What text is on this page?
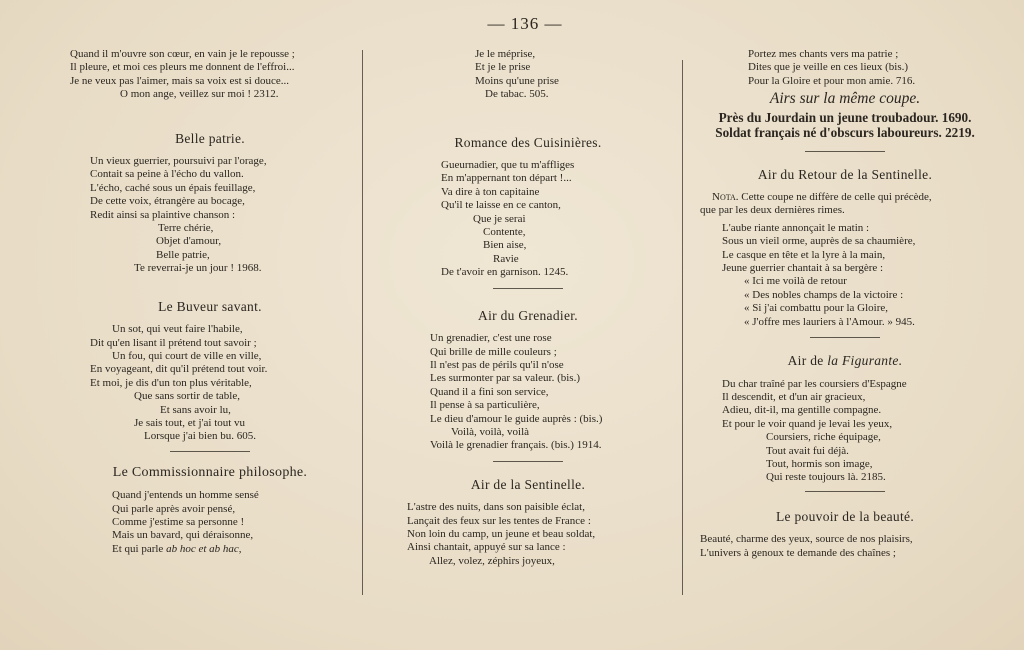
— 136 —
Quand il m'ouvre son cœur, en vain je le repousse ;
Il pleure, et moi ces pleurs me donnent de l'effroi...
Je ne veux pas l'aimer, mais sa voix est si douce...
O mon ange, veillez sur moi ! 2312.
Belle patrie.
Un vieux guerrier, poursuivi par l'orage,
Contait sa peine à l'écho du vallon.
L'écho, caché sous un épais feuillage,
De cette voix, étrangère au bocage,
Redit ainsi sa plaintive chanson :
Terre chérie,
Objet d'amour,
Belle patrie,
Te reverrai-je un jour ! 1968.
Le Buveur savant.
Un sot, qui veut faire l'habile,
Dit qu'en lisant il prétend tout savoir ;
Un fou, qui court de ville en ville,
En voyageant, dit qu'il prétend tout voir.
Et moi, je dis d'un ton plus véritable,
Que sans sortir de table,
Et sans avoir lu,
Je sais tout, et j'ai tout vu
Lorsque j'ai bien bu. 605.
Le Commissionnaire philosophe.
Quand j'entends un homme sensé
Qui parle après avoir pensé,
Comme j'estime sa personne !
Mais un bavard, qui déraisonne,
Et qui parle ab hoc et ab hac,
Je le méprise,
Et je le prise
Moins qu'une prise
De tabac. 505.
Romance des Cuisinières.
Gueurnadier, que tu m'affliges
En m'appernant ton départ !...
Va dire à ton capitaine
Qu'il te laisse en ce canton,
Que je serai
Contente,
Bien aise,
Ravie
De t'avoir en garnison. 1245.
Air du Grenadier.
Un grenadier, c'est une rose
Qui brille de mille couleurs ;
Il n'est pas de périls qu'il n'ose
Les surmonter par sa valeur. (bis.)
Quand il a fini son service,
Il pense à sa particulière,
Le dieu d'amour le guide auprès : (bis.)
Voilà, voilà, voilà
Voilà le grenadier français. (bis.) 1914.
Air de la Sentinelle.
L'astre des nuits, dans son paisible éclat,
Lançait des feux sur les tentes de France :
Non loin du camp, un jeune et beau soldat,
Ainsi chantait, appuyé sur sa lance :
Allez, volez, zéphirs joyeux,
Portez mes chants vers ma patrie ;
Dites que je veille en ces lieux (bis.)
Pour la Gloire et pour mon amie. 716.
Airs sur la même coupe.
Près du Jourdain un jeune troubadour. 1690.
Soldat français né d'obscurs laboureurs. 2219.
Air du Retour de la Sentinelle.
Nota. Cette coupe ne diffère de celle qui précède,
que par les deux dernières rimes.
L'aube riante annonçait le matin :
Sous un vieil orme, auprès de sa chaumière,
Le casque en tête et la lyre à la main,
Jeune guerrier chantait à sa bergère :
« Ici me voilà de retour
« Des nobles champs de la victoire :
« Si j'ai combattu pour la Gloire,
« J'offre mes lauriers à l'Amour. » 945.
Air de la Figurante.
Du char traîné par les coursiers d'Espagne
Il descendit, et d'un air gracieux,
Adieu, dit-il, ma gentille compagne.
Et pour le voir quand je levai les yeux,
Coursiers, riche équipage,
Tout avait fui déjà.
Tout, hormis son image,
Qui reste toujours là. 2185.
Le pouvoir de la beauté.
Beauté, charme des yeux, source de nos plaisirs,
L'univers à genoux te demande des chaînes ;
